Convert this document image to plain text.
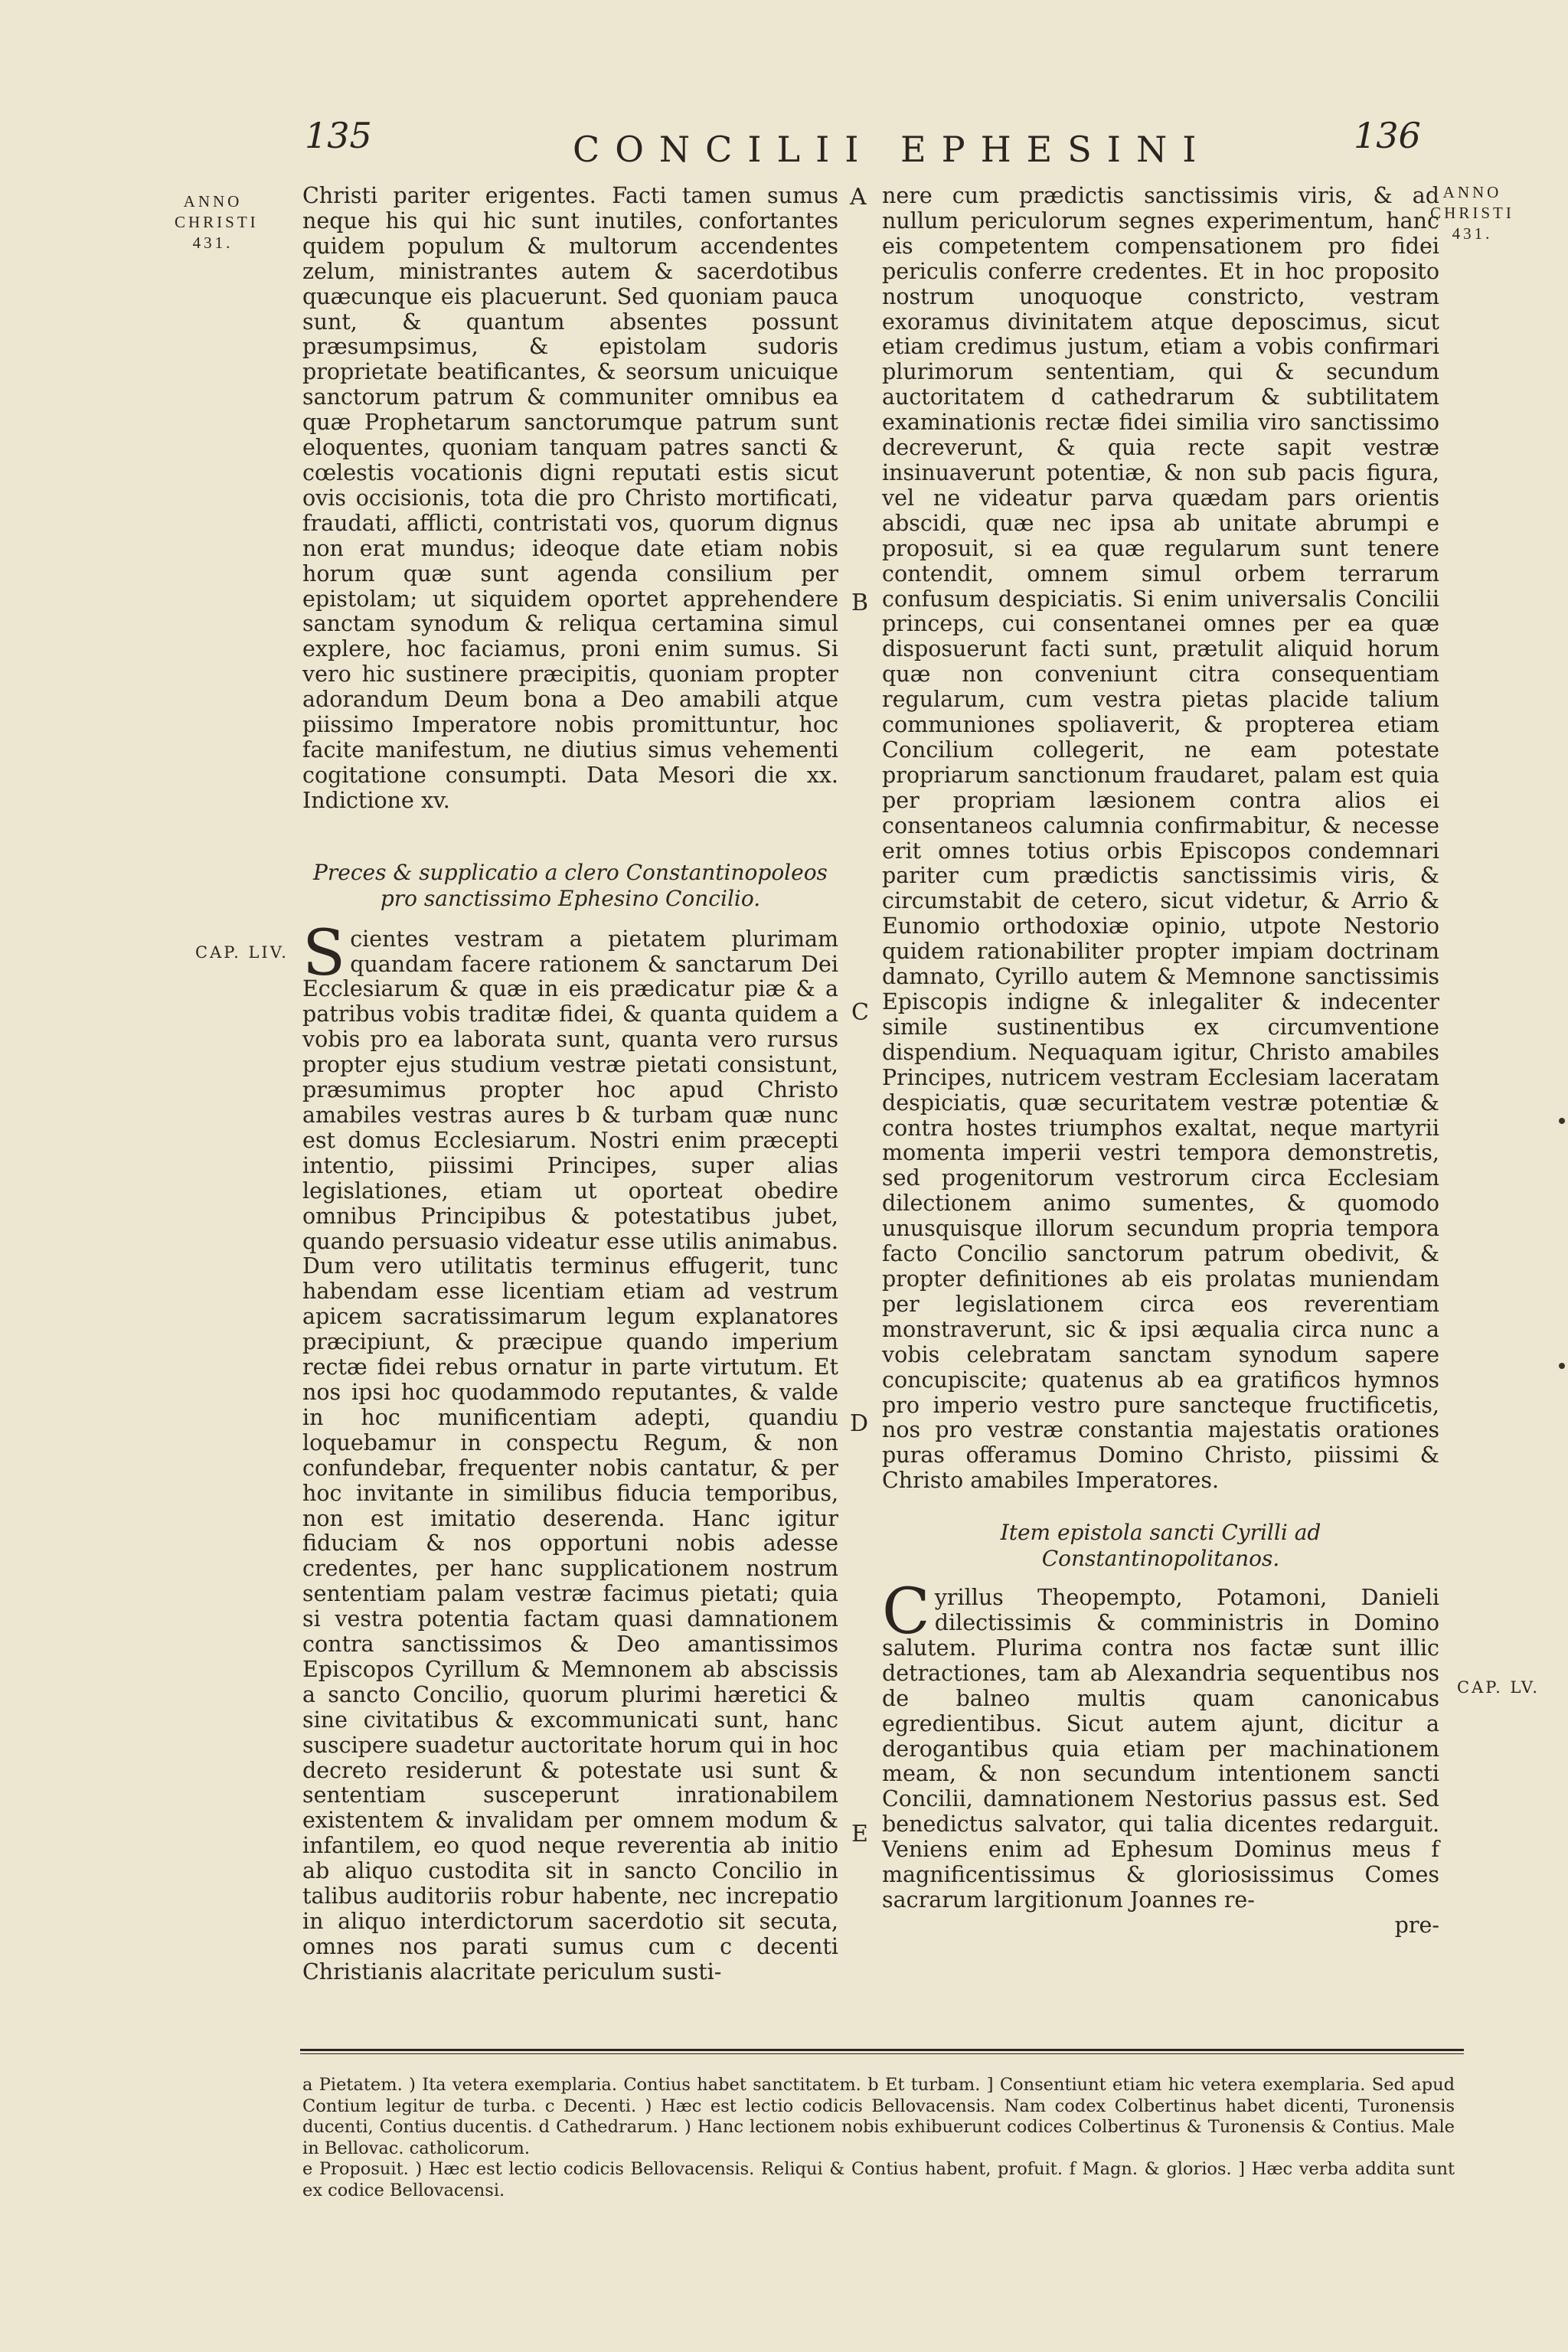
135	CONCILII EPHESINI	136
ANNO
CHRISTI
431.
ANNO
CHRISTI
431.
CAP. LIV.
CAP. LV.
A
B
C
D
E

Christi pariter erigentes. Facti tamen sumus neque his qui hic sunt inutiles, confortantes quidem populum & multorum accendentes zelum, ministrantes autem & sacerdotibus quæcunque eis placuerunt. Sed quoniam pauca sunt, & quantum absentes possunt præsumpsimus, & epistolam sudoris proprietate beatificantes, & seorsum unicuique sanctorum patrum & communiter omnibus ea quæ Prophetarum sanctorumque patrum sunt eloquentes, quoniam tanquam patres sancti & cœlestis vocationis digni reputati estis sicut ovis occisionis, tota die pro Christo mortificati, fraudati, afflicti, contristati vos, quorum dignus non erat mundus; ideoque date etiam nobis horum quæ sunt agenda consilium per epistolam; ut siquidem oportet apprehendere sanctam synodum & reliqua certamina simul explere, hoc faciamus, proni enim sumus. Si vero hic sustinere præcipitis, quoniam propter adorandum Deum bona a Deo amabili atque piissimo Imperatore nobis promittuntur, hoc facite manifestum, ne diutius simus vehementi cogitatione consumpti. Data Mesori die xx. Indictione xv.

Preces & supplicatio a clero Constantinopoleos pro sanctissimo Ephesino Concilio.

Scientes vestram a pietatem plurimam quandam facere rationem & sanctarum Dei Ecclesiarum & quæ in eis prædicatur piæ & a patribus vobis traditæ fidei, & quanta quidem a vobis pro ea laborata sunt, quanta vero rursus propter ejus studium vestræ pietati consistunt, præsumimus propter hoc apud Christo amabiles vestras aures b & turbam quæ nunc est domus Ecclesiarum. Nostri enim præcepti intentio, piissimi Principes, super alias legislationes, etiam ut oporteat obedire omnibus Principibus & potestatibus jubet, quando persuasio videatur esse utilis animabus. Dum vero utilitatis terminus effugerit, tunc habendam esse licentiam etiam ad vestrum apicem sacratissimarum legum explanatores præcipiunt, & præcipue quando imperium rectæ fidei rebus ornatur in parte virtutum. Et nos ipsi hoc quodammodo reputantes, & valde in hoc munificentiam adepti, quandiu loquebamur in conspectu Regum, & non confundebar, frequenter nobis cantatur, & per hoc invitante in similibus fiducia temporibus, non est imitatio deserenda. Hanc igitur fiduciam & nos opportuni nobis adesse credentes, per hanc supplicationem nostrum sententiam palam vestræ facimus pietati; quia si vestra potentia factam quasi damnationem contra sanctissimos & Deo amantissimos Episcopos Cyrillum & Memnonem ab abscissis a sancto Concilio, quorum plurimi hæretici & sine civitatibus & excommunicati sunt, hanc suscipere suadetur auctoritate horum qui in hoc decreto residerunt & potestate usi sunt & sententiam susceperunt inrationabilem existentem & invalidam per omnem modum & infantilem, eo quod neque reverentia ab initio ab aliquo custodita sit in sancto Concilio in talibus auditoriis robur habente, nec increpatio in aliquo interdictorum sacerdotio sit secuta, omnes nos parati sumus cum c decenti Christianis alacritate periculum susti-

nere cum prædictis sanctissimis viris, & ad nullum periculorum segnes experimentum, hanc eis competentem compensationem pro fidei periculis conferre credentes. Et in hoc proposito nostrum unoquoque constricto, vestram exoramus divinitatem atque deposcimus, sicut etiam credimus justum, etiam a vobis confirmari plurimorum sententiam, qui & secundum auctoritatem d cathedrarum & subtilitatem examinationis rectæ fidei similia viro sanctissimo decreverunt, & quia recte sapit vestræ insinuaverunt potentiæ, & non sub pacis figura, vel ne videatur parva quædam pars orientis abscidi, quæ nec ipsa ab unitate abrumpi e proposuit, si ea quæ regularum sunt tenere contendit, omnem simul orbem terrarum confusum despiciatis. Si enim universalis Concilii princeps, cui consentanei omnes per ea quæ disposuerunt facti sunt, prætulit aliquid horum quæ non conveniunt citra consequentiam regularum, cum vestra pietas placide talium communiones spoliaverit, & propterea etiam Concilium collegerit, ne eam potestate propriarum sanctionum fraudaret, palam est quia per propriam læsionem contra alios ei consentaneos calumnia confirmabitur, & necesse erit omnes totius orbis Episcopos condemnari pariter cum prædictis sanctissimis viris, & circumstabit de cetero, sicut videtur, & Arrio & Eunomio orthodoxiæ opinio, utpote Nestorio quidem rationabiliter propter impiam doctrinam damnato, Cyrillo autem & Memnone sanctissimis Episcopis indigne & inlegaliter & indecenter simile sustinentibus ex circumventione dispendium. Nequaquam igitur, Christo amabiles Principes, nutricem vestram Ecclesiam laceratam despiciatis, quæ securitatem vestræ potentiæ & contra hostes triumphos exaltat, neque martyrii momenta imperii vestri tempora demonstretis, sed progenitorum vestrorum circa Ecclesiam dilectionem animo sumentes, & quomodo unusquisque illorum secundum propria tempora facto Concilio sanctorum patrum obedivit, & propter definitiones ab eis prolatas muniendam per legislationem circa eos reverentiam monstraverunt, sic & ipsi æqualia circa nunc a vobis celebratam sanctam synodum sapere concupiscite; quatenus ab ea gratificos hymnos pro imperio vestro pure sancteque fructificetis, nos pro vestræ constantia majestatis orationes puras offeramus Domino Christo, piissimi & Christo amabiles Imperatores.

Item epistola sancti Cyrilli ad Constantinopolitanos.

Cyrillus Theopempto, Potamoni, Danieli dilectissimis & comministris in Domino salutem. Plurima contra nos factæ sunt illic detractiones, tam ab Alexandria sequentibus nos de balneo multis quam canonicabus egredientibus. Sicut autem ajunt, dicitur a derogantibus quia etiam per machinationem meam, & non secundum intentionem sancti Concilii, damnationem Nestorius passus est. Sed benedictus salvator, qui talia dicentes redarguit. Veniens enim ad Ephesum Dominus meus f magnificentissimus & gloriosissimus Comes sacrarum largitionum Joannes re-

pre-

a Pietatem. ) Ita vetera exemplaria. Contius habet sanctitatem. b Et turbam. ] Consentiunt etiam hic vetera exemplaria. Sed apud Contium legitur de turba. c Decenti. ) Hæc est lectio codicis Bellovacensis. Nam codex Colbertinus habet dicenti, Turonensis ducenti, Contius ducentis. d Cathedrarum. ) Hanc lectionem nobis exhibuerunt codices Colbertinus & Turonensis & Contius. Male in Bellovac. catholicorum.

e Proposuit. ) Hæc est lectio codicis Bellovacensis. Reliqui & Contius habent, profuit. f Magn. & glorios. ] Hæc verba addita sunt ex codice Bellovacensi.
